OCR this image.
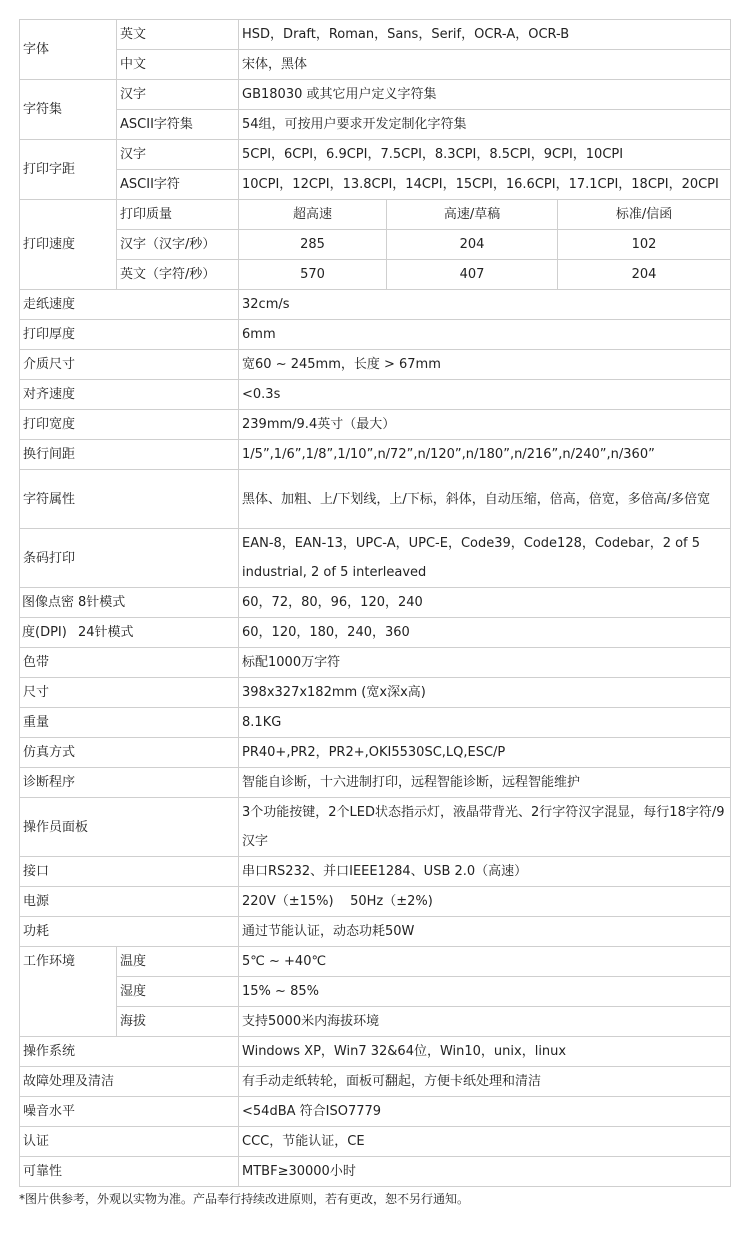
字体	英文	HSD，Draft，Roman，Sans，Serif，OCR-A，OCR-B		
	中文	宋体，黑体		
字符集	汉字	GB18030 或其它用户定义字符集		
	ASCII字符集	54组，可按用户要求开发定制化字符集		
打印字距	汉字	5CPI，6CPI，6.9CPI，7.5CPI，8.3CPI，8.5CPI，9CPI，10CPI		
	ASCII字符	10CPI，12CPI，13.8CPI，14CPI，15CPI，16.6CPI，17.1CPI，18CPI，20CPI		
打印速度	打印质量	超高速	高速/草稿	标准/信函
	汉字（汉字/秒）	285	204	102
	英文（字符/秒）	570	407	204
走纸速度		32cm/s		
打印厚度		6mm		
介质尺寸		宽60 ~ 245mm，长度 > 67mm		
对齐速度		<0.3s		
打印宽度		239mm/9.4英寸（最大）		
换行间距		1/5”,1/6”,1/8”,1/10”,n/72”,n/120”,n/180”,n/216”,n/240”,n/360”		
字符属性		黑体、加粗、上/下划线，上/下标，斜体，自动压缩，倍高，倍宽，多倍高/多倍宽		
条码打印		EAN-8，EAN-13，UPC-A，UPC-E，Code39，Code128，Codebar，2 of 5 industrial, 2 of 5 interleaved		
图像点密 8针模式		60，72，80，96，120，240		
度(DPI) 24针模式		60，120，180，240，360		
色带		标配1000万字符		
尺寸		398x327x182mm (宽x深x高)		
重量		8.1KG		
仿真方式		PR40+,PR2，PR2+,OKI5530SC,LQ,ESC/P		
诊断程序		智能自诊断，十六进制打印，远程智能诊断，远程智能维护		
操作员面板		3个功能按键，2个LED状态指示灯，液晶带背光、2行字符汉字混显，每行18字符/9汉字		
接口		串口RS232、并口IEEE1284、USB 2.0（高速）		
电源		220V（±15%)    50Hz（±2%)		
功耗		通过节能认证，动态功耗50W		
工作环境	温度	5℃ ~ +40℃		
	湿度	15% ~ 85%		
	海拔	支持5000米内海拔环境		
操作系统		Windows XP，Win7 32&64位，Win10，unix，linux		
故障处理及清洁		有手动走纸转轮，面板可翻起，方便卡纸处理和清洁		
噪音水平		<54dBA 符合ISO7779		
认证		CCC，节能认证，CE		
可靠性		MTBF≥30000小时		
*图片供参考，外观以实物为准。产品奉行持续改进原则，若有更改，恕不另行通知。
